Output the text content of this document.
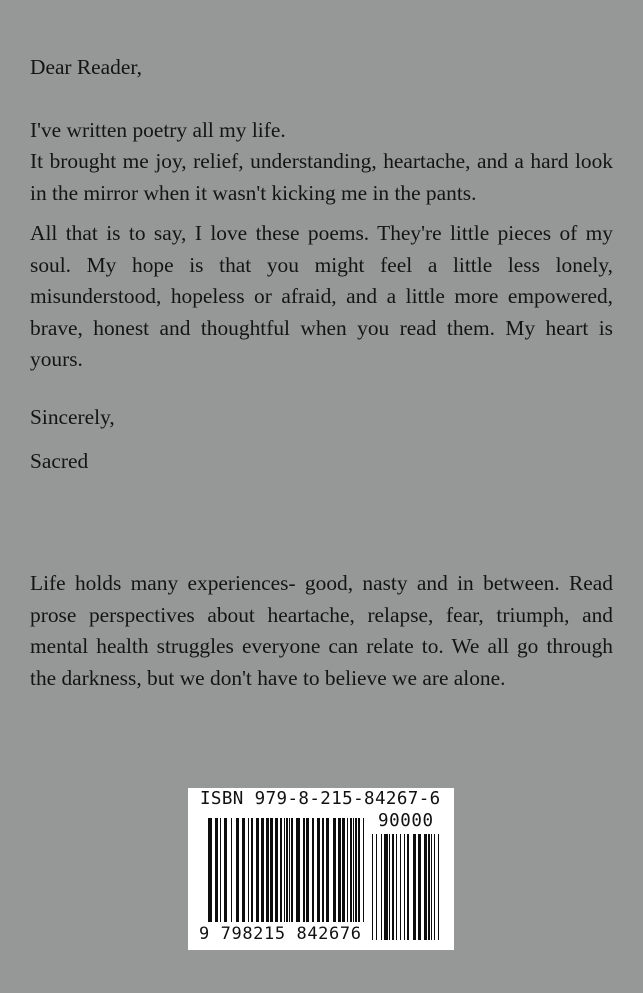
Dear Reader,

I've written poetry all my life.

It brought me joy, relief, understanding, heartache, and a hard look in the mirror when it wasn't kicking me in the pants.

All that is to say, I love these poems. They're little pieces of my soul. My hope is that you might feel a little less lonely, misunderstood, hopeless or afraid, and a little more empowered, brave, honest and thoughtful when you read them. My heart is yours.

Sincerely,

Sacred

Life holds many experiences- good, nasty and in between. Read prose perspectives about heartache, relapse, fear, triumph, and mental health struggles everyone can relate to. We all go through the darkness, but we don't have to believe we are alone.

ISBN 979-8-215-84267-6
90000
9 798215 842676
